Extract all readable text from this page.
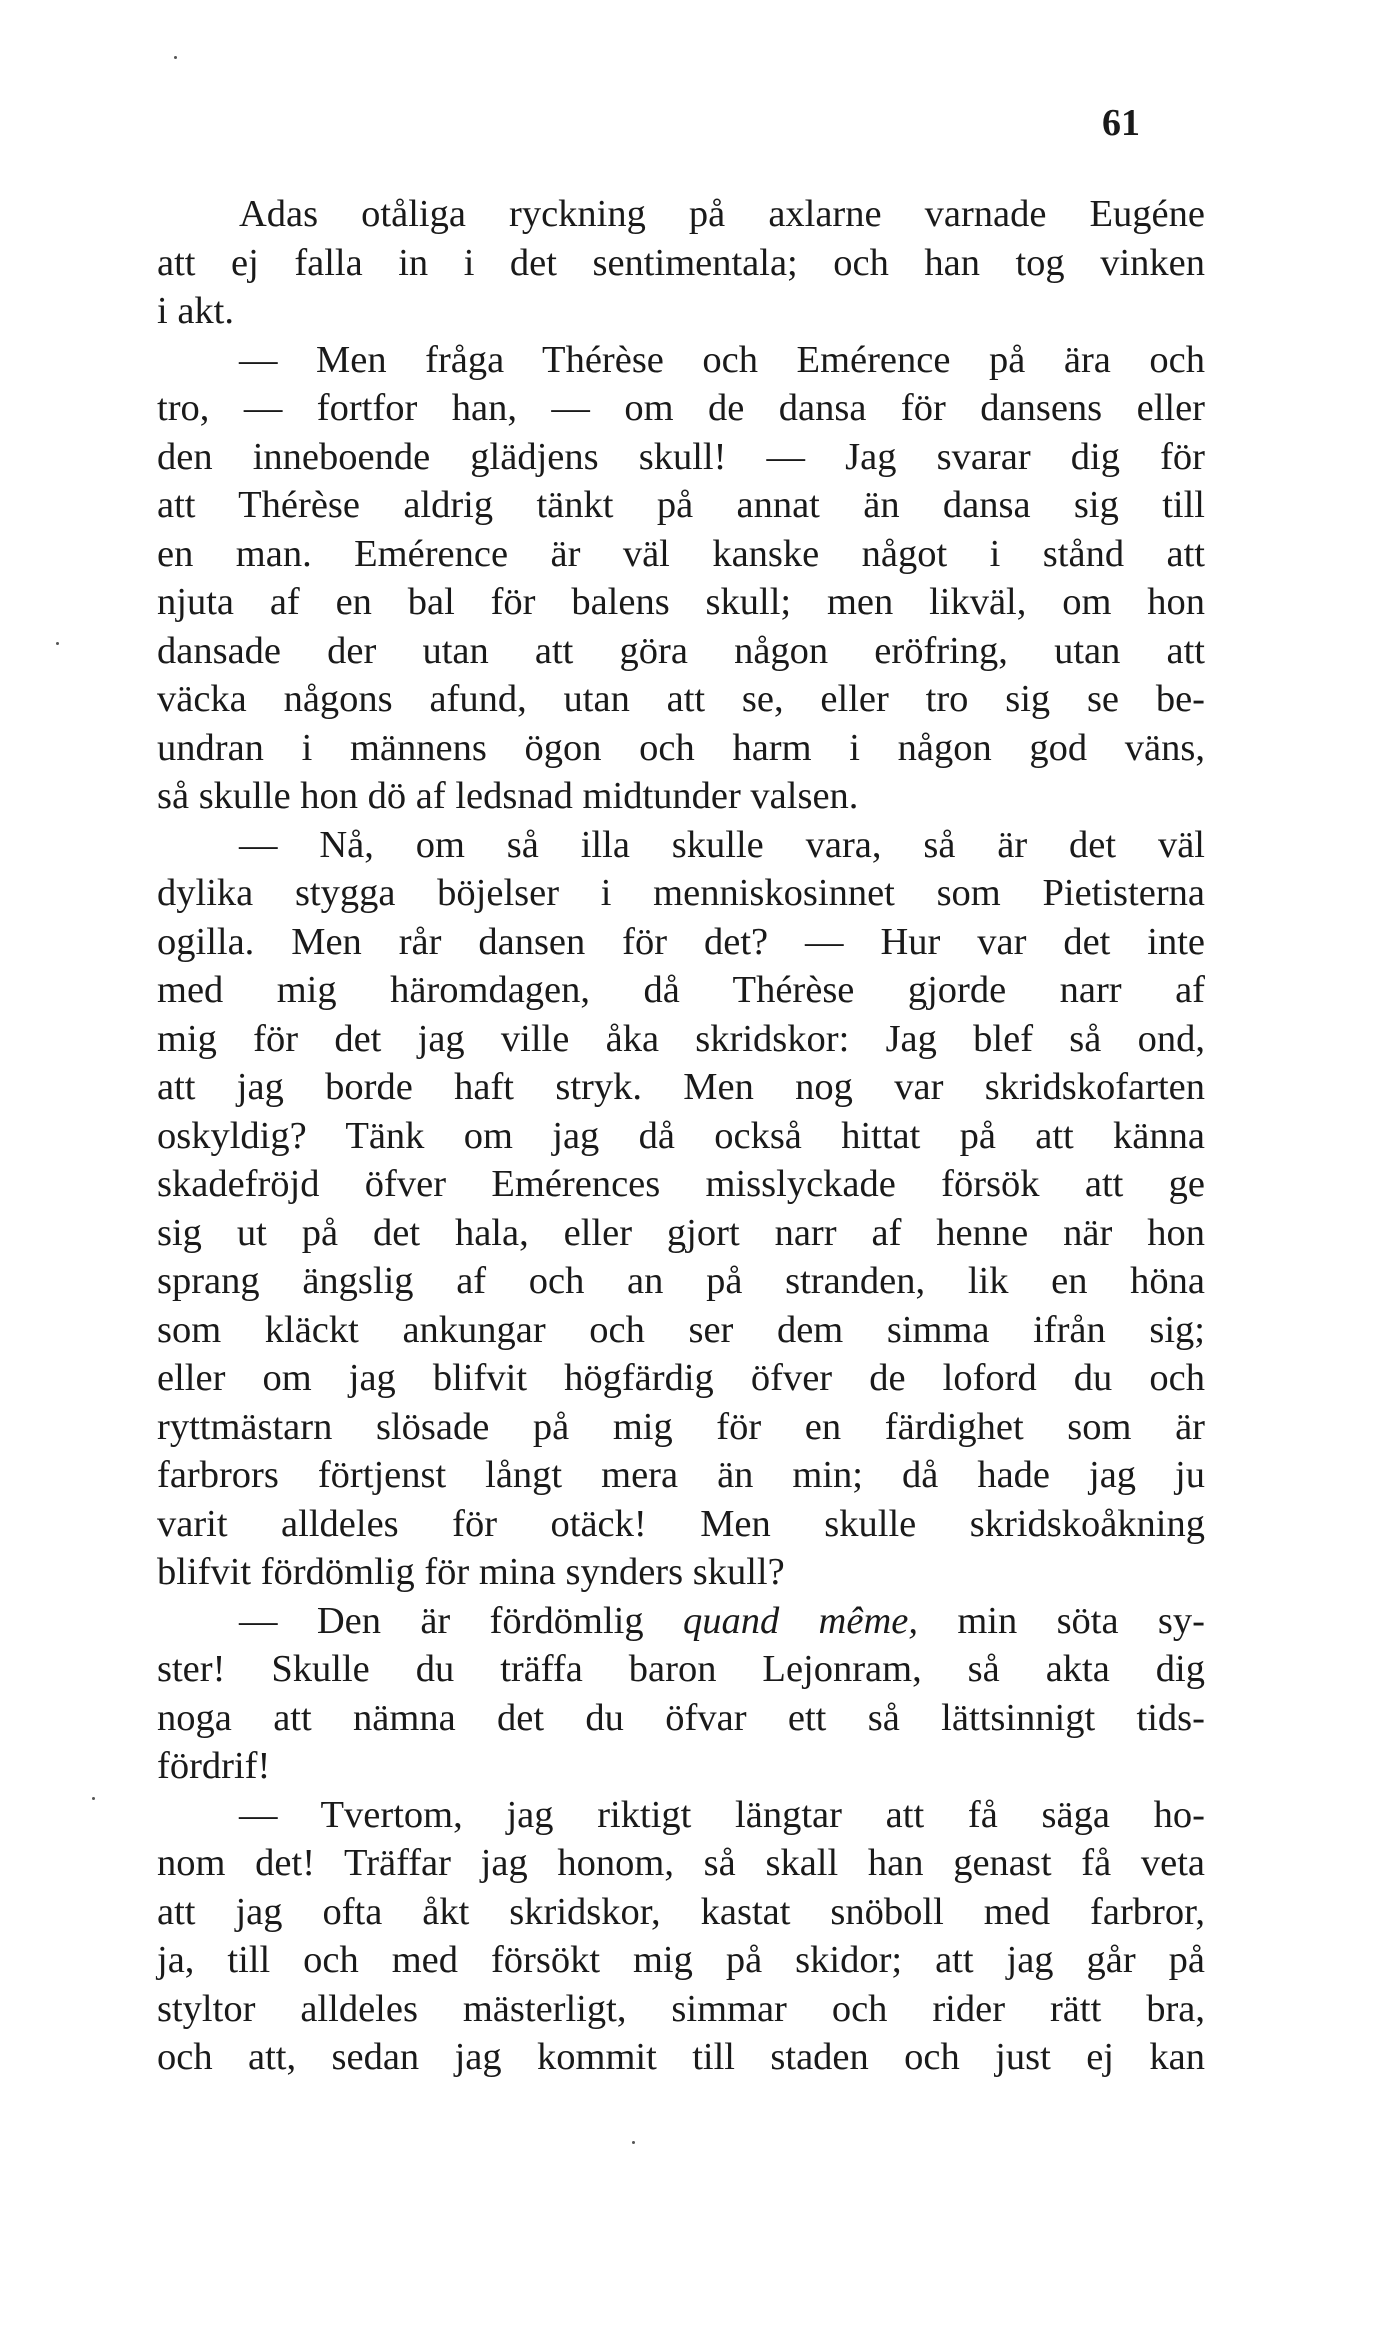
61

Adas otåliga ryckning på axlarne varnade Eugéne
att ej falla in i det sentimentala; och han tog vinken
i akt.

— Men fråga Thérèse och Emérence på ära och
tro, — fortfor han, — om de dansa för dansens eller
den inneboende glädjens skull! — Jag svarar dig för
att Thérèse aldrig tänkt på annat än dansa sig till
en man. Emérence är väl kanske något i stånd att
njuta af en bal för balens skull; men likväl, om hon
dansade der utan att göra någon eröfring, utan att
väcka någons afund, utan att se, eller tro sig se be-
undran i männens ögon och harm i någon god väns,
så skulle hon dö af ledsnad midtunder valsen.

— Nå, om så illa skulle vara, så är det väl
dylika stygga böjelser i menniskosinnet som Pietisterna
ogilla. Men rår dansen för det? — Hur var det inte
med mig häromdagen, då Thérèse gjorde narr af
mig för det jag ville åka skridskor: Jag blef så ond,
att jag borde haft stryk. Men nog var skridskofarten
oskyldig? Tänk om jag då också hittat på att känna
skadefröjd öfver Emérences misslyckade försök att ge
sig ut på det hala, eller gjort narr af henne när hon
sprang ängslig af och an på stranden, lik en höna
som kläckt ankungar och ser dem simma ifrån sig;
eller om jag blifvit högfärdig öfver de loford du och
ryttmästarn slösade på mig för en färdighet som är
farbrors förtjenst långt mera än min; då hade jag ju
varit alldeles för otäck! Men skulle skridskoåkning
blifvit fördömlig för mina synders skull?

— Den är fördömlig quand même, min söta sy-
ster! Skulle du träffa baron Lejonram, så akta dig
noga att nämna det du öfvar ett så lättsinnigt tids-
fördrif!

— Tvertom, jag riktigt längtar att få säga ho-
nom det! Träffar jag honom, så skall han genast få veta
att jag ofta åkt skridskor, kastat snöboll med farbror,
ja, till och med försökt mig på skidor; att jag går på
styltor alldeles mästerligt, simmar och rider rätt bra,
och att, sedan jag kommit till staden och just ej kan
